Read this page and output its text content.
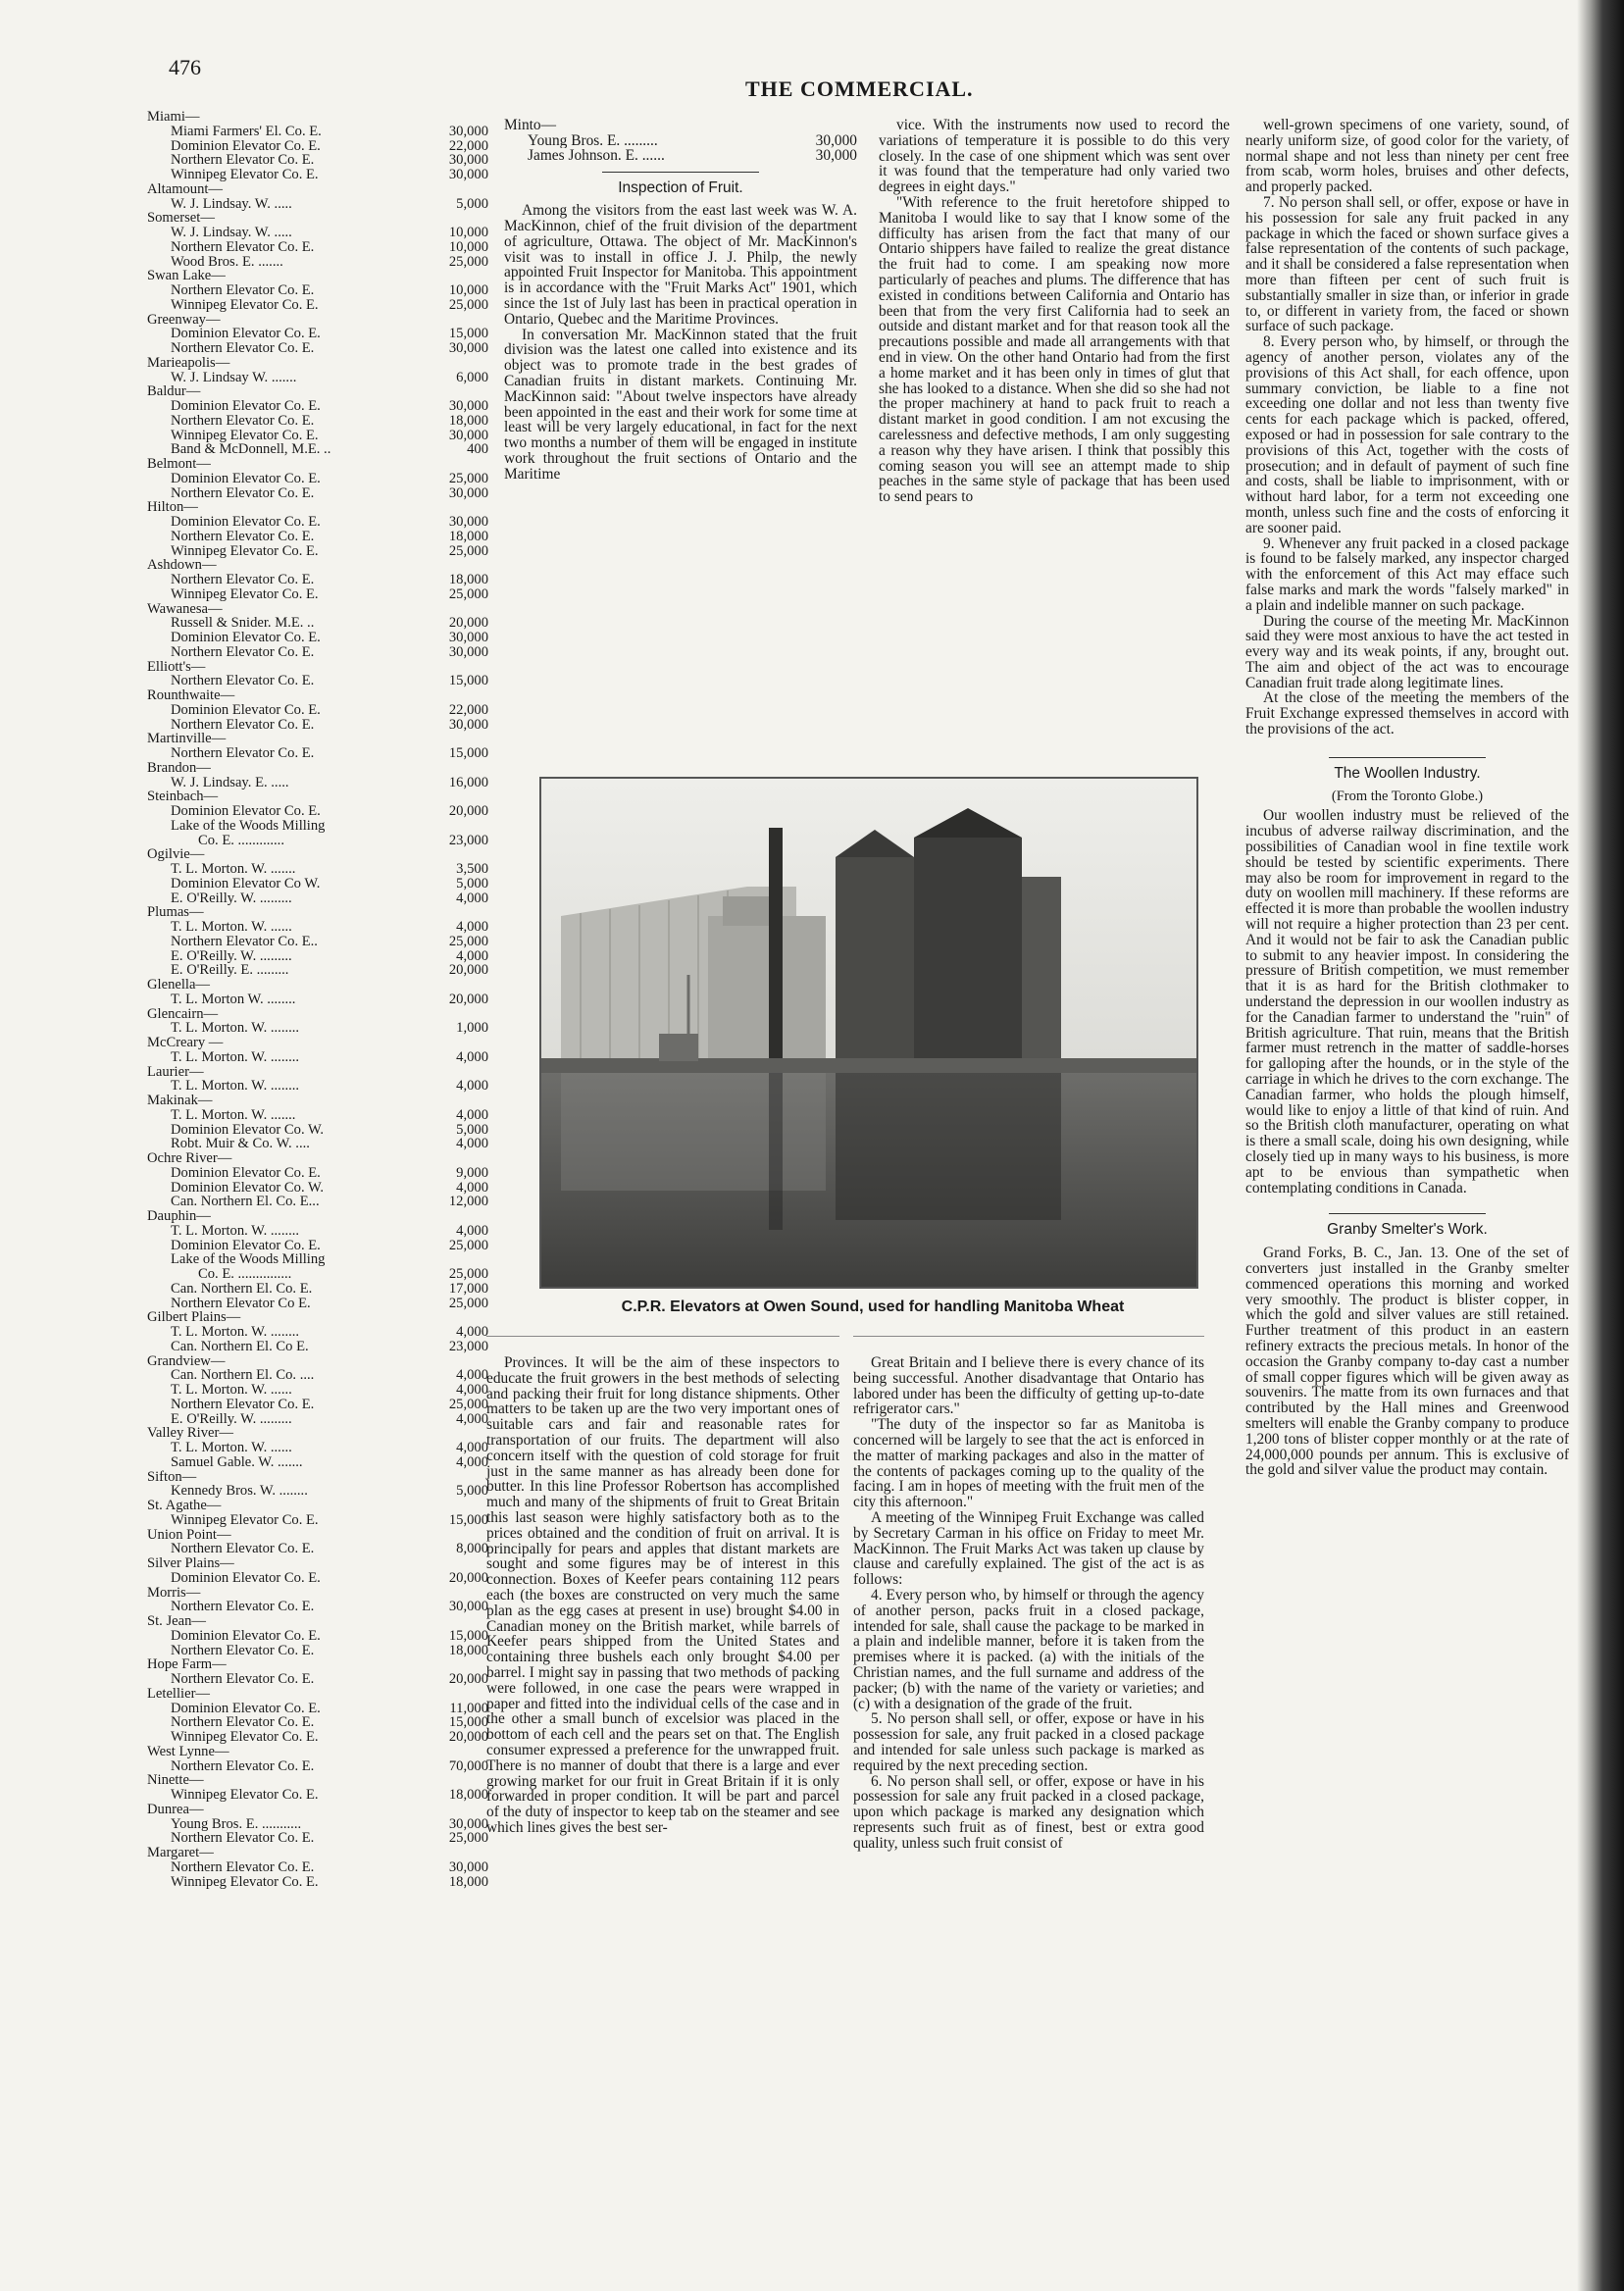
476
THE COMMERCIAL.
Miami—
Miami Farmers' El. Co. E.	30,000
Dominion Elevator Co. E.	22,000
Northern Elevator Co. E.	30,000
Winnipeg Elevator Co. E.	30,000
Altamount—
W. J. Lindsay. W. .....	5,000
Somerset—
W. J. Lindsay. W. .....	10,000
Northern Elevator Co. E.	10,000
Wood Bros. E. .......	25,000
Swan Lake—
Northern Elevator Co. E.	10,000
Winnipeg Elevator Co. E.	25,000
Greenway—
Dominion Elevator Co. E.	15,000
Northern Elevator Co. E.	30,000
Marieapolis—
W. J. Lindsay W. .......	6,000
Baldur—
Dominion Elevator Co. E.	30,000
Northern Elevator Co. E.	18,000
Winnipeg Elevator Co. E.	30,000
Band & McDonnell, M.E. ..	400
Belmont—
Dominion Elevator Co. E.	25,000
Northern Elevator Co. E.	30,000
Hilton—
Dominion Elevator Co. E.	30,000
Northern Elevator Co. E.	18,000
Winnipeg Elevator Co. E.	25,000
Ashdown—
Northern Elevator Co. E.	18,000
Winnipeg Elevator Co. E.	25,000
Wawanesa—
Russell & Snider. M.E. ..	20,000
Dominion Elevator Co. E.	30,000
Northern Elevator Co. E.	30,000
Elliott's—
Northern Elevator Co. E.	15,000
Rounthwaite—
Dominion Elevator Co. E.	22,000
Northern Elevator Co. E.	30,000
Martinville—
Northern Elevator Co. E.	15,000
Brandon—
W. J. Lindsay. E. .....	16,000
Steinbach—
Dominion Elevator Co. E.	20,000
Lake of the Woods Milling
Co. E. .............	23,000
Ogilvie—
T. L. Morton. W. .......	3,500
Dominion Elevator Co W.	5,000
E. O'Reilly. W. .........	4,000
Plumas—
T. L. Morton. W. ......	4,000
Northern Elevator Co. E..	25,000
E. O'Reilly. W. .........	4,000
E. O'Reilly. E. .........	20,000
Glenella—
T. L. Morton W. ........	20,000
Glencairn—
T. L. Morton. W. ........	1,000
McCreary —
T. L. Morton. W. ........	4,000
Laurier—
T. L. Morton. W. ........	4,000
Makinak—
T. L. Morton. W. .......	4,000
Dominion Elevator Co. W.	5,000
Robt. Muir & Co. W. ....	4,000
Ochre River—
Dominion Elevator Co. E.	9,000
Dominion Elevator Co. W.	4,000
Can. Northern El. Co. E...	12,000
Dauphin—
T. L. Morton. W. ........	4,000
Dominion Elevator Co. E.	25,000
Lake of the Woods Milling
Co. E. ...............	25,000
Can. Northern El. Co. E.	17,000
Northern Elevator Co E.	25,000
Gilbert Plains—
T. L. Morton. W. ........	4,000
Can. Northern El. Co E.	23,000
Grandview—
Can. Northern El. Co. ....	4,000
T. L. Morton. W. ......	4,000
Northern Elevator Co. E.	25,000
E. O'Reilly. W. .........	4,000
Valley River—
T. L. Morton. W. ......	4,000
Samuel Gable. W. .......	4,000
Sifton—
Kennedy Bros. W. ........	5,000
St. Agathe—
Winnipeg Elevator Co. E.	15,000
Union Point—
Northern Elevator Co. E.	8,000
Silver Plains—
Dominion Elevator Co. E.	20,000
Morris—
Northern Elevator Co. E.	30,000
St. Jean—
Dominion Elevator Co. E.	15,000
Northern Elevator Co. E.	18,000
Hope Farm—
Northern Elevator Co. E.	20,000
Letellier—
Dominion Elevator Co. E.	11,000
Northern Elevator Co. E.	15,000
Winnipeg Elevator Co. E.	20,000
West Lynne—
Northern Elevator Co. E.	70,000
Ninette—
Winnipeg Elevator Co. E.	18,000
Dunrea—
Young Bros. E. ...........	30,000
Northern Elevator Co. E.	25,000
Margaret—
Northern Elevator Co. E.	30,000
Winnipeg Elevator Co. E.	18,000
Minto—
Young Bros. E. .........	30,000
James Johnson. E. ......	30,000
Inspection of Fruit.

Among the visitors from the east last week was W. A. MacKinnon, chief of the fruit division of the department of agriculture, Ottawa. The object of Mr. MacKinnon's visit was to install in office J. J. Philp, the newly appointed Fruit Inspector for Manitoba. This appointment is in accordance with the "Fruit Marks Act" 1901, which since the 1st of July last has been in practical operation in Ontario, Quebec and the Maritime Provinces.

In conversation Mr. MacKinnon stated that the fruit division was the latest one called into existence and its object was to promote trade in the best grades of Canadian fruits in distant markets. Continuing Mr. MacKinnon said: "About twelve inspectors have already been appointed in the east and their work for some time at least will be very largely educational, in fact for the next two months a number of them will be engaged in institute work throughout the fruit sections of Ontario and the Maritime

vice. With the instruments now used to record the variations of temperature it is possible to do this very closely. In the case of one shipment which was sent over it was found that the temperature had only varied two degrees in eight days."

"With reference to the fruit heretofore shipped to Manitoba I would like to say that I know some of the difficulty has arisen from the fact that many of our Ontario shippers have failed to realize the great distance the fruit had to come. I am speaking now more particularly of peaches and plums. The difference that has existed in conditions between California and Ontario has been that from the very first California had to seek an outside and distant market and for that reason took all the precautions possible and made all arrangements with that end in view. On the other hand Ontario had from the first a home market and it has been only in times of glut that she has looked to a distance. When she did so she had not the proper machinery at hand to pack fruit to reach a distant market in good condition. I am not excusing the carelessness and defective methods, I am only suggesting a reason why they have arisen. I think that possibly this coming season you will see an attempt made to ship peaches in the same style of package that has been used to send pears to

well-grown specimens of one variety, sound, of nearly uniform size, of good color for the variety, of normal shape and not less than ninety per cent free from scab, worm holes, bruises and other defects, and properly packed.

7. No person shall sell, or offer, expose or have in his possession for sale any fruit packed in any package in which the faced or shown surface gives a false representation of the contents of such package, and it shall be considered a false representation when more than fifteen per cent of such fruit is substantially smaller in size than, or inferior in grade to, or different in variety from, the faced or shown surface of such package.

8. Every person who, by himself, or through the agency of another person, violates any of the provisions of this Act shall, for each offence, upon summary conviction, be liable to a fine not exceeding one dollar and not less than twenty five cents for each package which is packed, offered, exposed or had in possession for sale contrary to the provisions of this Act, together with the costs of prosecution; and in default of payment of such fine and costs, shall be liable to imprisonment, with or without hard labor, for a term not exceeding one month, unless such fine and the costs of enforcing it are sooner paid.

9. Whenever any fruit packed in a closed package is found to be falsely marked, any inspector charged with the enforcement of this Act may efface such false marks and mark the words "falsely marked" in a plain and indelible manner on such package.

During the course of the meeting Mr. MacKinnon said they were most anxious to have the act tested in every way and its weak points, if any, brought out. The aim and object of the act was to encourage Canadian fruit trade along legitimate lines.

At the close of the meeting the members of the Fruit Exchange expressed themselves in accord with the provisions of the act.

The Woollen Industry.
(From the Toronto Globe.)

Our woollen industry must be relieved of the incubus of adverse railway discrimination, and the possibilities of Canadian wool in fine textile work should be tested by scientific experiments. There may also be room for improvement in regard to the duty on woollen mill machinery. If these reforms are effected it is more than probable the woollen industry will not require a higher protection than 23 per cent. And it would not be fair to ask the Canadian public to submit to any heavier impost. In considering the pressure of British competition, we must remember that it is as hard for the British clothmaker to understand the depression in our woollen industry as for the Canadian farmer to understand the "ruin" of British agriculture. That ruin, means that the British farmer must retrench in the matter of saddle-horses for galloping after the hounds, or in the style of the carriage in which he drives to the corn exchange. The Canadian farmer, who holds the plough himself, would like to enjoy a little of that kind of ruin. And so the British cloth manufacturer, operating on what is there a small scale, doing his own designing, while closely tied up in many ways to his business, is more apt to be envious than sympathetic when contemplating conditions in Canada.

Granby Smelter's Work.

Grand Forks, B. C., Jan. 13. One of the set of converters just installed in the Granby smelter commenced operations this morning and worked very smoothly. The product is blister copper, in which the gold and silver values are still retained. Further treatment of this product in an eastern refinery extracts the precious metals. In honor of the occasion the Granby company to-day cast a number of small copper figures which will be given away as souvenirs. The matte from its own furnaces and that contributed by the Hall mines and Greenwood smelters will enable the Granby company to produce 1,200 tons of blister copper monthly or at the rate of 24,000,000 pounds per annum. This is exclusive of the gold and silver value the product may contain.

C.P.R. Elevators at Owen Sound, used for handling Manitoba Wheat

Provinces. It will be the aim of these inspectors to educate the fruit growers in the best methods of selecting and packing their fruit for long distance shipments. Other matters to be taken up are the two very important ones of suitable cars and fair and reasonable rates for transportation of our fruits. The department will also concern itself with the question of cold storage for fruit just in the same manner as has already been done for butter. In this line Professor Robertson has accomplished much and many of the shipments of fruit to Great Britain this last season were highly satisfactory both as to the prices obtained and the condition of fruit on arrival. It is principally for pears and apples that distant markets are sought and some figures may be of interest in this connection. Boxes of Keefer pears containing 112 pears each (the boxes are constructed on very much the same plan as the egg cases at present in use) brought $4.00 in Canadian money on the British market, while barrels of Keefer pears shipped from the United States and containing three bushels each only brought $4.00 per barrel. I might say in passing that two methods of packing were followed, in one case the pears were wrapped in paper and fitted into the individual cells of the case and in the other a small bunch of excelsior was placed in the bottom of each cell and the pears set on that. The English consumer expressed a preference for the unwrapped fruit. There is no manner of doubt that there is a large and ever growing market for our fruit in Great Britain if it is only forwarded in proper condition. It will be part and parcel of the duty of inspector to keep tab on the steamer and see which lines gives the best ser-

Great Britain and I believe there is every chance of its being successful. Another disadvantage that Ontario has labored under has been the difficulty of getting up-to-date refrigerator cars."

"The duty of the inspector so far as Manitoba is concerned will be largely to see that the act is enforced in the matter of marking packages and also in the matter of the contents of packages coming up to the quality of the facing. I am in hopes of meeting with the fruit men of the city this afternoon."

A meeting of the Winnipeg Fruit Exchange was called by Secretary Carman in his office on Friday to meet Mr. MacKinnon. The Fruit Marks Act was taken up clause by clause and carefully explained. The gist of the act is as follows:

4. Every person who, by himself or through the agency of another person, packs fruit in a closed package, intended for sale, shall cause the package to be marked in a plain and indelible manner, before it is taken from the premises where it is packed. (a) with the initials of the Christian names, and the full surname and address of the packer; (b) with the name of the variety or varieties; and (c) with a designation of the grade of the fruit.

5. No person shall sell, or offer, expose or have in his possession for sale, any fruit packed in a closed package and intended for sale unless such package is marked as required by the next preceding section.

6. No person shall sell, or offer, expose or have in his possession for sale any fruit packed in a closed package, upon which package is marked any designation which represents such fruit as of finest, best or extra good quality, unless such fruit consist of
